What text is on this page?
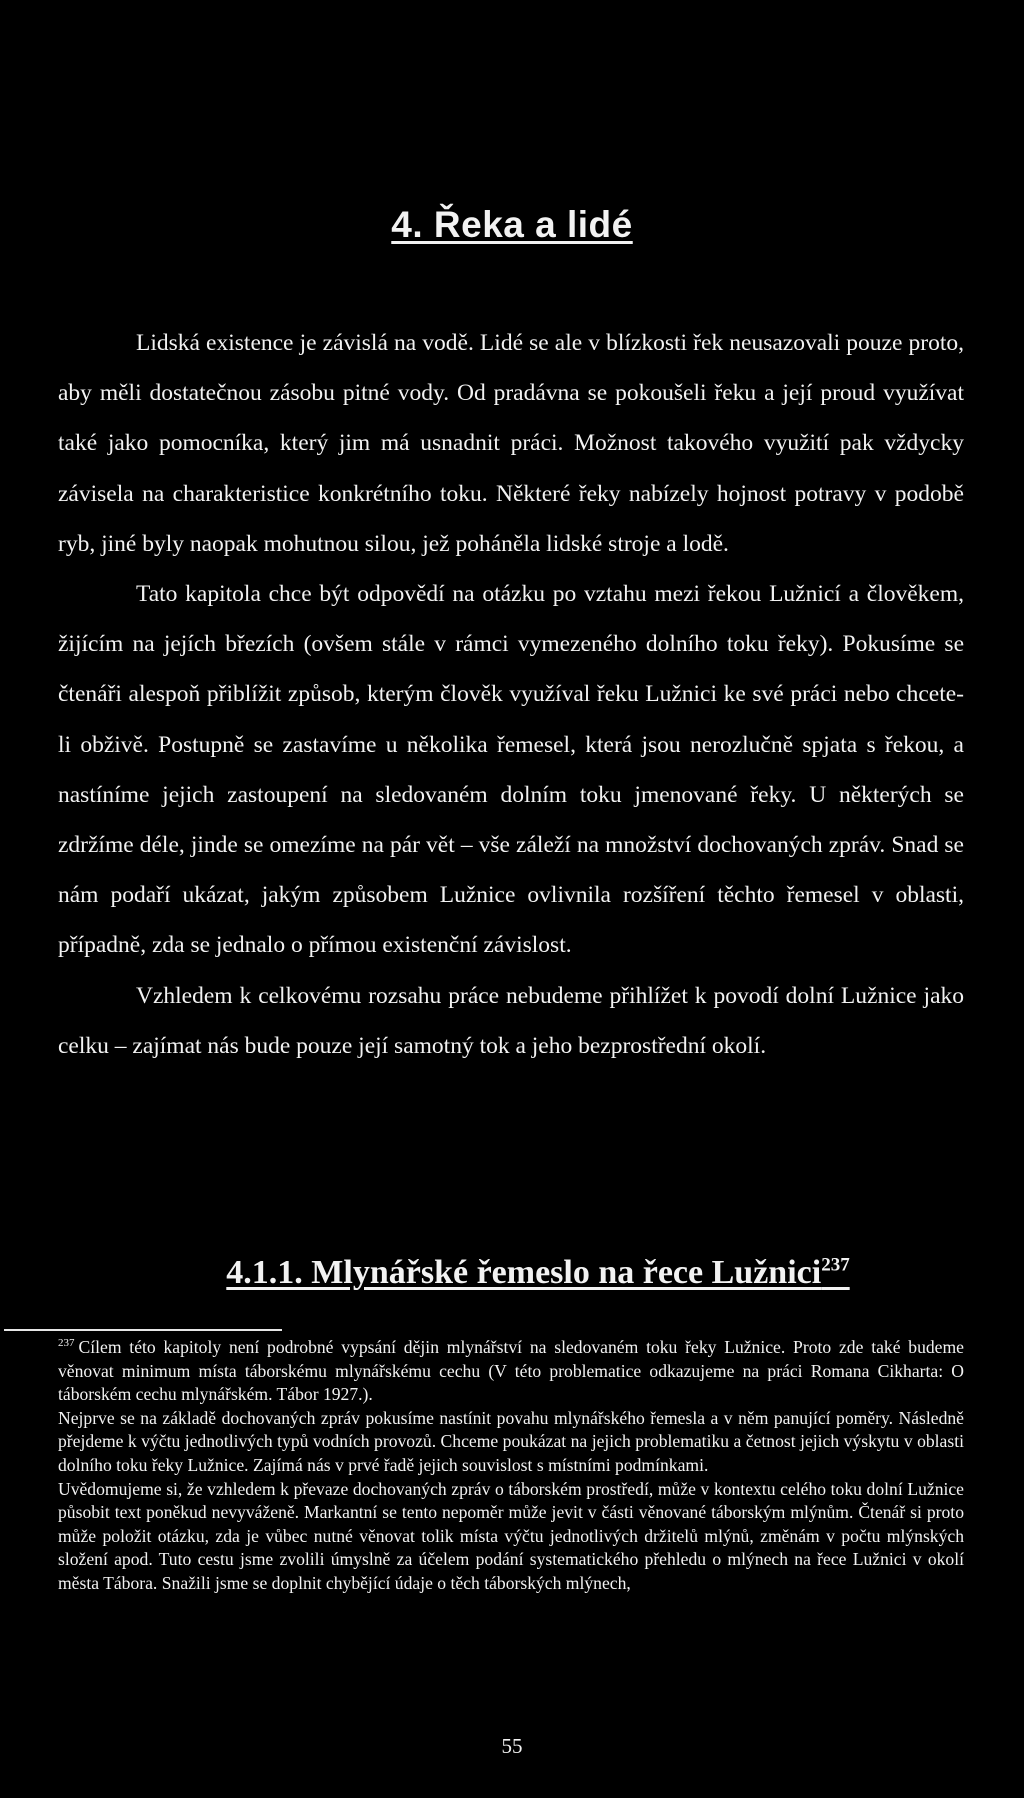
4. Řeka a lidé

Lidská existence je závislá na vodě. Lidé se ale v blízkosti řek neusazovali pouze proto, aby měli dostatečnou zásobu pitné vody. Od pradávna se pokoušeli řeku a její proud využívat také jako pomocníka, který jim má usnadnit práci. Možnost takového využití pak vždycky závisela na charakteristice konkrétního toku. Některé řeky nabízely hojnost potravy v podobě ryb, jiné byly naopak mohutnou silou, jež poháněla lidské stroje a lodě.

Tato kapitola chce být odpovědí na otázku po vztahu mezi řekou Lužnicí a člověkem, žijícím na jejích březích (ovšem stále v rámci vymezeného dolního toku řeky). Pokusíme se čtenáři alespoň přiblížit způsob, kterým člověk využíval řeku Lužnici ke své práci nebo chcete-li obživě. Postupně se zastavíme u několika řemesel, která jsou nerozlučně spjata s řekou, a nastíníme jejich zastoupení na sledovaném dolním toku jmenované řeky. U některých se zdržíme déle, jinde se omezíme na pár vět – vše záleží na množství dochovaných zpráv. Snad se nám podaří ukázat, jakým způsobem Lužnice ovlivnila rozšíření těchto řemesel v oblasti, případně, zda se jednalo o přímou existenční závislost.

Vzhledem k celkovému rozsahu práce nebudeme přihlížet k povodí dolní Lužnice jako celku – zajímat nás bude pouze její samotný tok a jeho bezprostřední okolí.

4.1.1. Mlynářské řemeslo na řece Lužnici$^{237}$

$^{237}$ Cílem této kapitoly není podrobné vypsání dějin mlynářství na sledovaném toku řeky Lužnice. Proto zde také budeme věnovat minimum místa táborskému mlynářskému cechu (V této problematice odkazujeme na práci Romana Cikharta: O táborském cechu mlynářském. Tábor 1927.).

Nejprve se na základě dochovaných zpráv pokusíme nastínit povahu mlynářského řemesla a v něm panující poměry. Následně přejdeme k výčtu jednotlivých typů vodních provozů. Chceme poukázat na jejich problematiku a četnost jejich výskytu v oblasti dolního toku řeky Lužnice. Zajímá nás v prvé řadě jejich souvislost s místními podmínkami.

Uvědomujeme si, že vzhledem k převaze dochovaných zpráv o táborském prostředí, může v kontextu celého toku dolní Lužnice působit text poněkud nevyváženě. Markantní se tento nepoměr může jevit v části věnované táborským mlýnům. Čtenář si proto může položit otázku, zda je vůbec nutné věnovat tolik místa výčtu jednotlivých držitelů mlýnů, změnám v počtu mlýnských složení apod. Tuto cestu jsme zvolili úmyslně za účelem podání systematického přehledu o mlýnech na řece Lužnici v okolí města Tábora. Snažili jsme se doplnit chybějící údaje o těch táborských mlýnech,

55
